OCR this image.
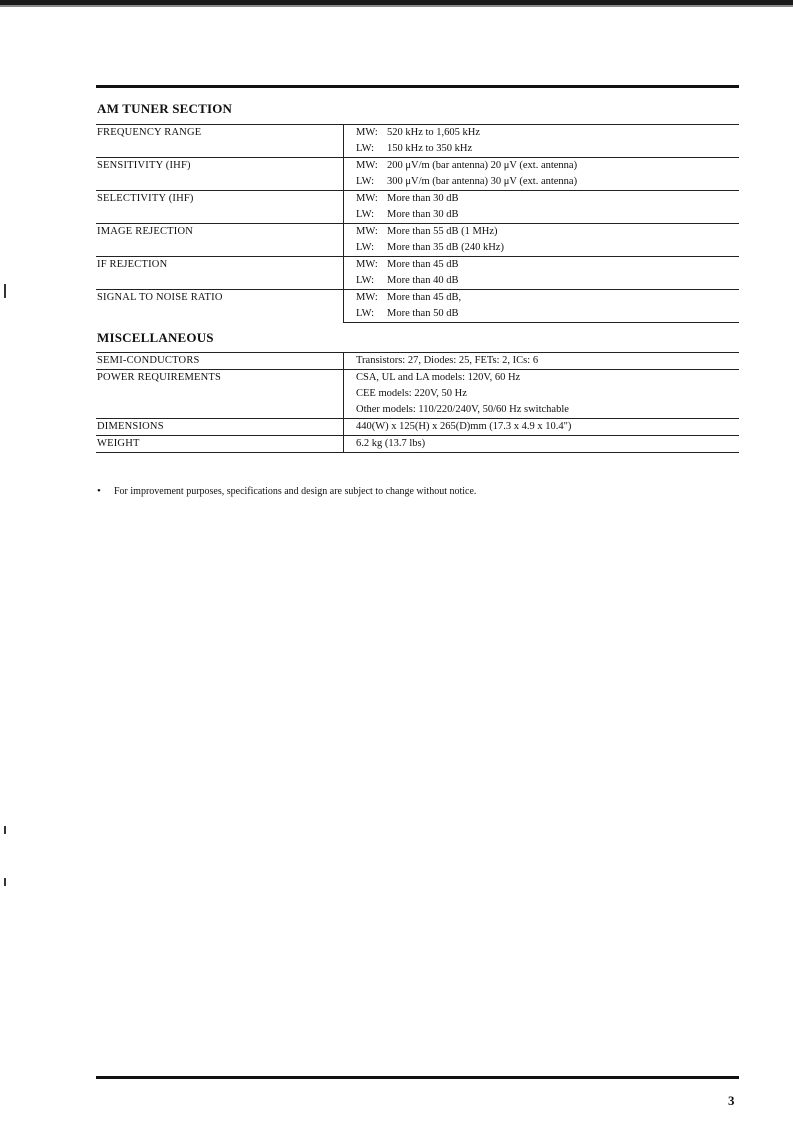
AM TUNER SECTION
FREQUENCY RANGE	MW: 520 kHz to 1,605 kHz

	LW: 150 kHz to 350 kHz

SENSITIVITY (IHF)	MW: 200 μV/m (bar antenna) 20 μV (ext. antenna)

	LW: 300 μV/m (bar antenna) 30 μV (ext. antenna)

SELECTIVITY (IHF)	MW: More than 30 dB

	LW: More than 30 dB

IMAGE REJECTION	MW: More than 55 dB (1 MHz)

	LW: More than 35 dB (240 kHz)

IF REJECTION	MW: More than 45 dB

	LW: More than 40 dB

SIGNAL TO NOISE RATIO	MW: More than 45 dB,

	LW: More than 50 dB
MISCELLANEOUS
SEMI-CONDUCTORS	Transistors: 27, Diodes: 25, FETs: 2, ICs: 6

POWER REQUIREMENTS	CSA, UL and LA models: 120V, 60 Hz

	CEE models: 220V, 50 Hz

	Other models: 110/220/240V, 50/60 Hz switchable

DIMENSIONS	440(W) x 125(H) x 265(D)mm (17.3 x 4.9 x 10.4")

WEIGHT	6.2 kg (13.7 lbs)
• For improvement purposes, specifications and design are subject to change without notice.
3
